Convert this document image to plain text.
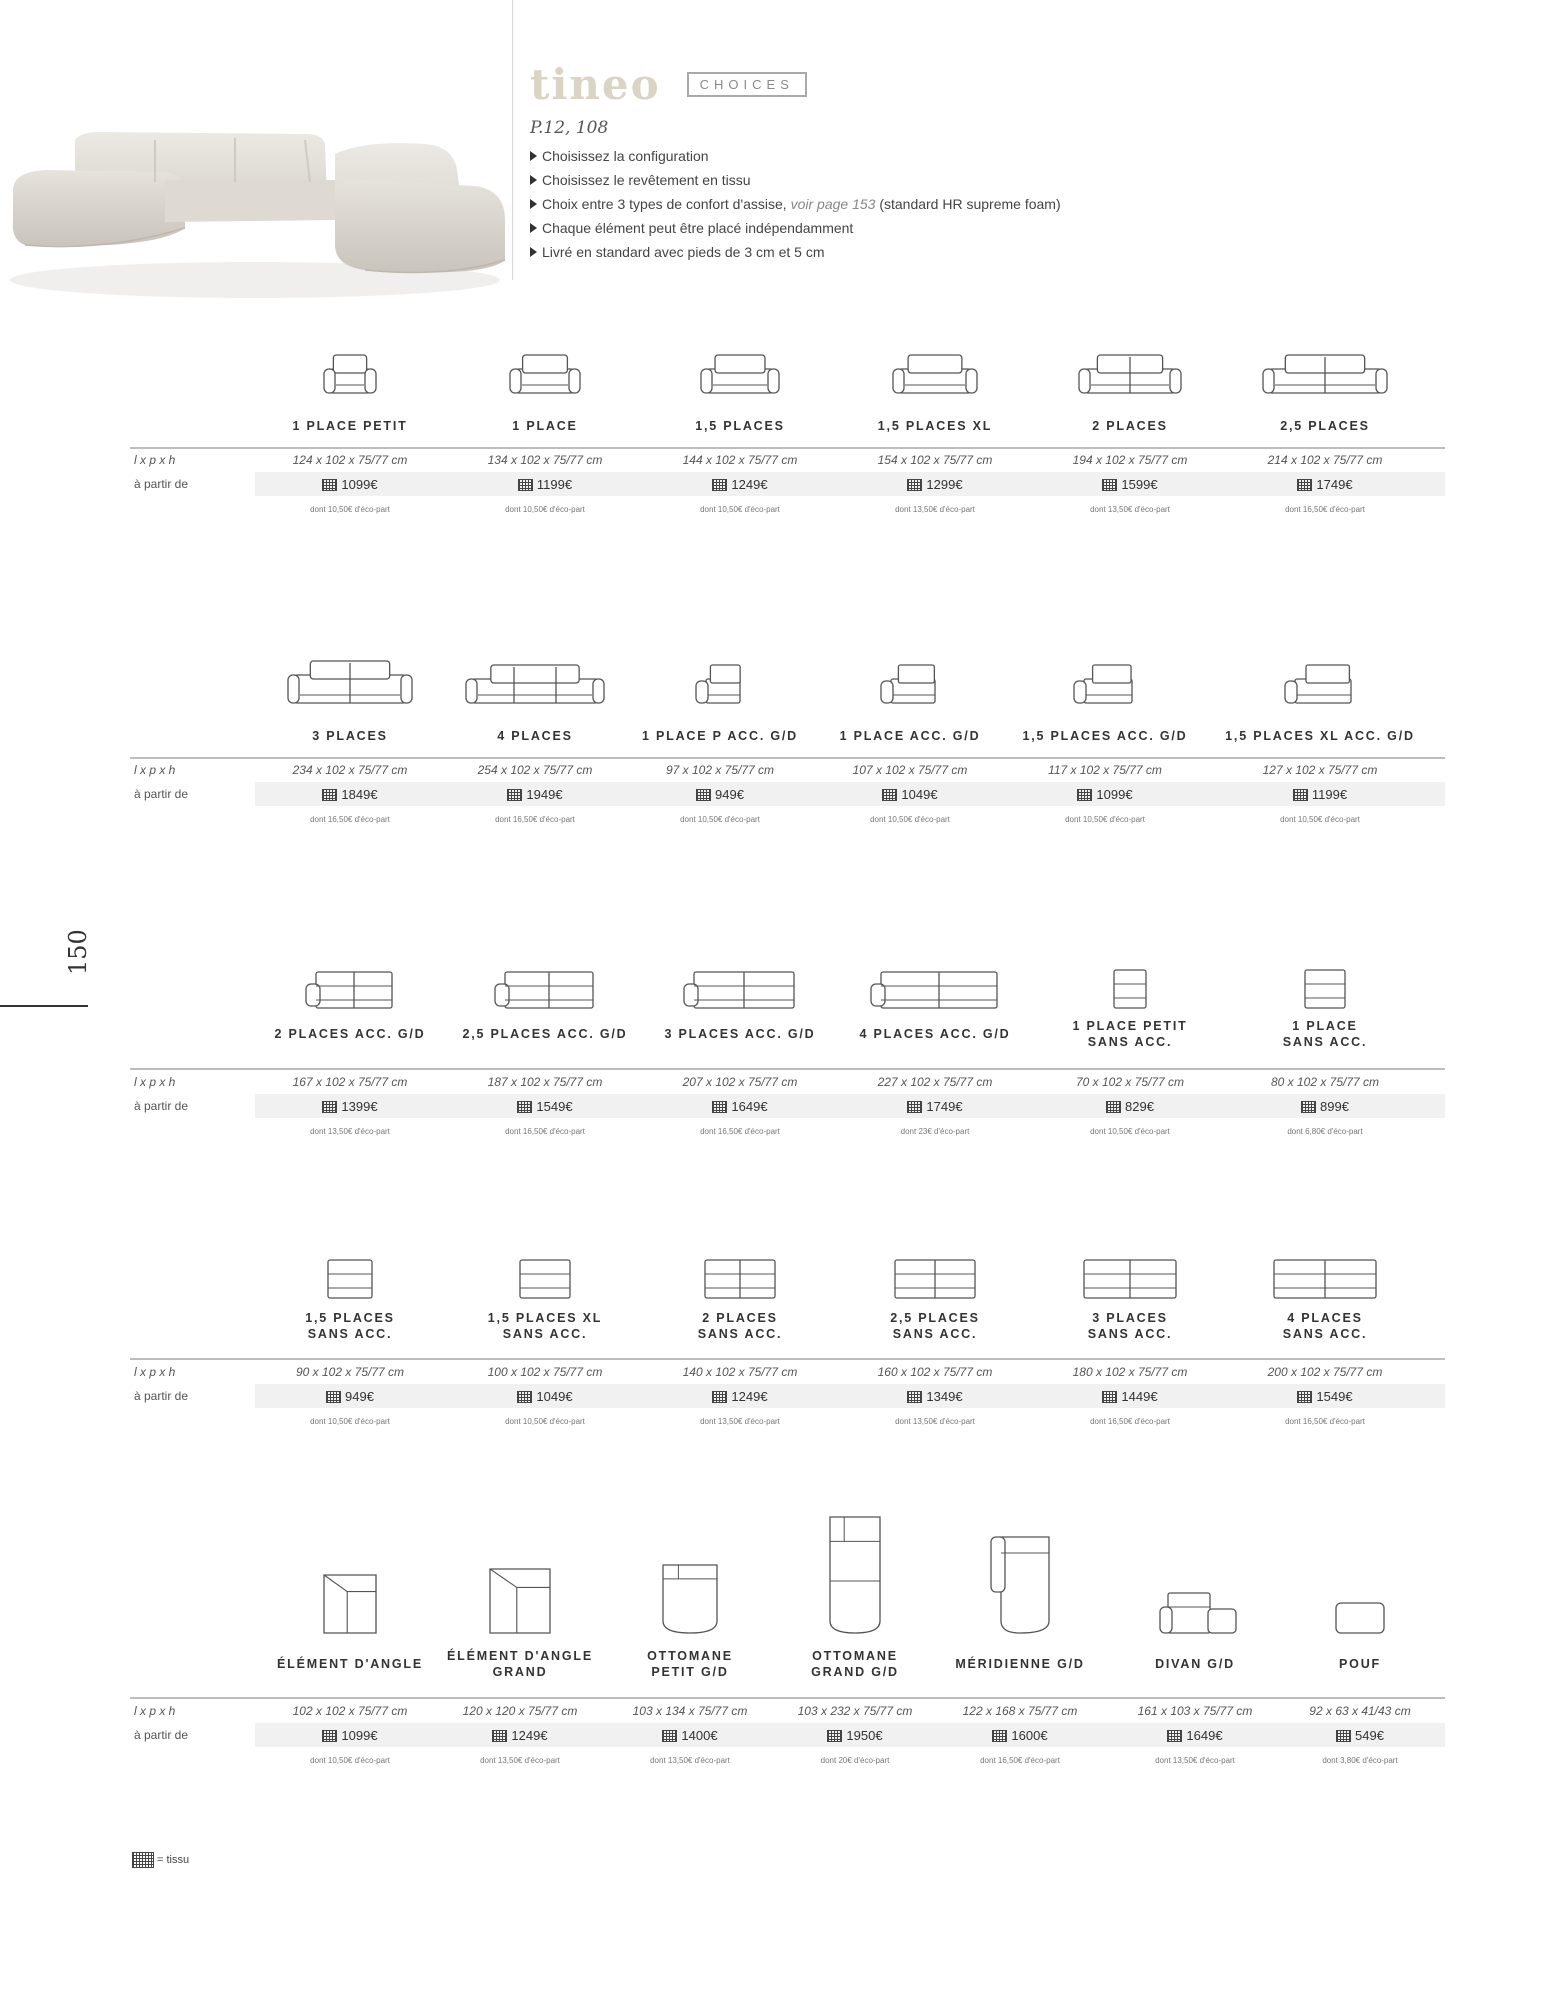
tineo	CHOICES
P.12, 108
Choisissez la configuration
Choisissez le revêtement en tissu
Choix entre 3 types de confort d'assise, voir page 153 (standard HR supreme foam)
Chaque élément peut être placé indépendamment
Livré en standard avec pieds de 3 cm et 5 cm
150
l x p x h
à partir de
1 PLACE PETIT
124 x 102 x 75/77 cm
1099€
dont 10,50€ d'éco-part
1 PLACE
134 x 102 x 75/77 cm
1199€
dont 10,50€ d'éco-part
1,5 PLACES
144 x 102 x 75/77 cm
1249€
dont 10,50€ d'éco-part
1,5 PLACES XL
154 x 102 x 75/77 cm
1299€
dont 13,50€ d'éco-part
2 PLACES
194 x 102 x 75/77 cm
1599€
dont 13,50€ d'éco-part
2,5 PLACES
214 x 102 x 75/77 cm
1749€
dont 16,50€ d'éco-part
l x p x h
à partir de
3 PLACES
234 x 102 x 75/77 cm
1849€
dont 16,50€ d'éco-part
4 PLACES
254 x 102 x 75/77 cm
1949€
dont 16,50€ d'éco-part
1 PLACE P ACC. G/D
97 x 102 x 75/77 cm
949€
dont 10,50€ d'éco-part
1 PLACE ACC. G/D
107 x 102 x 75/77 cm
1049€
dont 10,50€ d'éco-part
1,5 PLACES ACC. G/D
117 x 102 x 75/77 cm
1099€
dont 10,50€ d'éco-part
1,5 PLACES XL ACC. G/D
127 x 102 x 75/77 cm
1199€
dont 10,50€ d'éco-part
l x p x h
à partir de
2 PLACES ACC. G/D
167 x 102 x 75/77 cm
1399€
dont 13,50€ d'éco-part
2,5 PLACES ACC. G/D
187 x 102 x 75/77 cm
1549€
dont 16,50€ d'éco-part
3 PLACES ACC. G/D
207 x 102 x 75/77 cm
1649€
dont 16,50€ d'éco-part
4 PLACES ACC. G/D
227 x 102 x 75/77 cm
1749€
dont 23€ d'éco-part
1 PLACE PETIT
SANS ACC.
70 x 102 x 75/77 cm
829€
dont 10,50€ d'éco-part
1 PLACE
SANS ACC.
80 x 102 x 75/77 cm
899€
dont 6,80€ d'éco-part
l x p x h
à partir de
1,5 PLACES
SANS ACC.
90 x 102 x 75/77 cm
949€
dont 10,50€ d'éco-part
1,5 PLACES XL
SANS ACC.
100 x 102 x 75/77 cm
1049€
dont 10,50€ d'éco-part
2 PLACES
SANS ACC.
140 x 102 x 75/77 cm
1249€
dont 13,50€ d'éco-part
2,5 PLACES
SANS ACC.
160 x 102 x 75/77 cm
1349€
dont 13,50€ d'éco-part
3 PLACES
SANS ACC.
180 x 102 x 75/77 cm
1449€
dont 16,50€ d'éco-part
4 PLACES
SANS ACC.
200 x 102 x 75/77 cm
1549€
dont 16,50€ d'éco-part
l x p x h
à partir de
ÉLÉMENT D'ANGLE
102 x 102 x 75/77 cm
1099€
dont 10,50€ d'éco-part
ÉLÉMENT D'ANGLE
GRAND
120 x 120 x 75/77 cm
1249€
dont 13,50€ d'éco-part
OTTOMANE
PETIT G/D
103 x 134 x 75/77 cm
1400€
dont 13,50€ d'éco-part
OTTOMANE
GRAND G/D
103 x 232 x 75/77 cm
1950€
dont 20€ d'éco-part
MÉRIDIENNE G/D
122 x 168 x 75/77 cm
1600€
dont 16,50€ d'éco-part
DIVAN G/D
161 x 103 x 75/77 cm
1649€
dont 13,50€ d'éco-part
POUF
92 x 63 x 41/43 cm
549€
dont 3,80€ d'éco-part
= tissu
